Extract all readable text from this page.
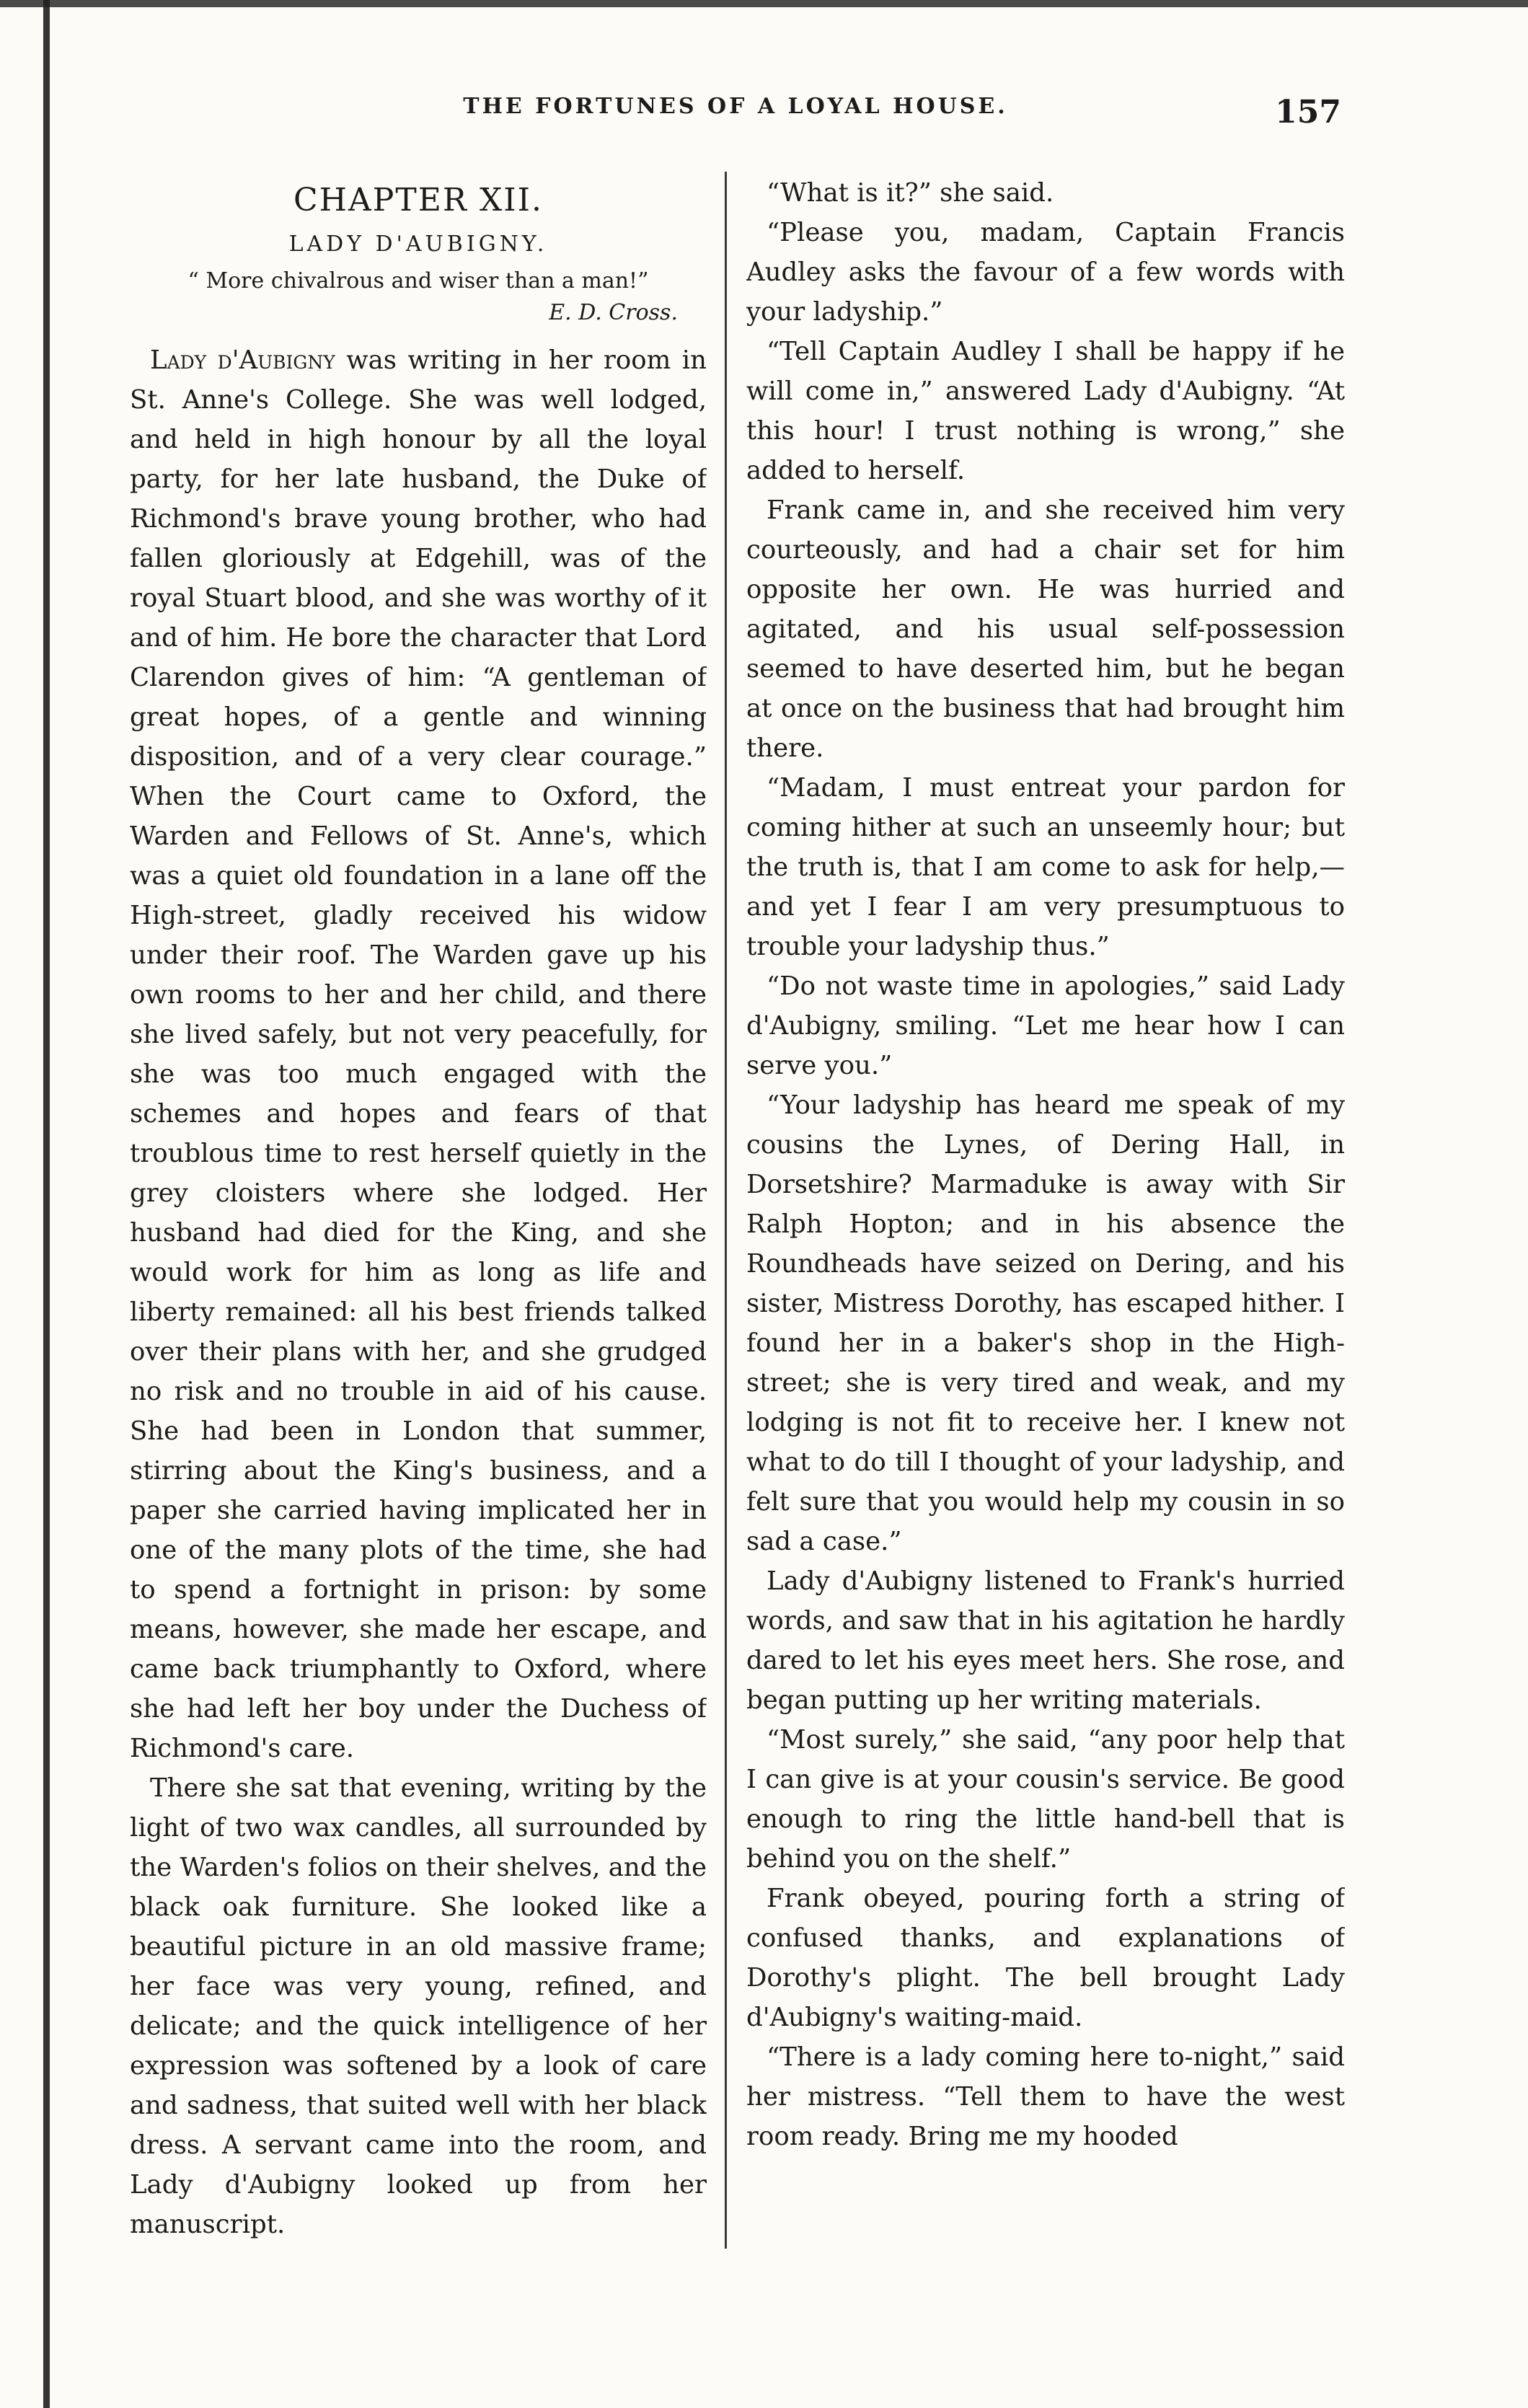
THE FORTUNES OF A LOYAL HOUSE.	157
CHAPTER XII.
LADY D'AUBIGNY.
“ More chivalrous and wiser than a man!”
E. D. Cross.

Lady d'Aubigny was writing in her room in St. Anne's College. She was well lodged, and held in high honour by all the loyal party, for her late husband, the Duke of Richmond's brave young brother, who had fallen gloriously at Edgehill, was of the royal Stuart blood, and she was worthy of it and of him. He bore the character that Lord Clarendon gives of him: “A gentleman of great hopes, of a gentle and winning disposition, and of a very clear courage.” When the Court came to Oxford, the Warden and Fellows of St. Anne's, which was a quiet old foundation in a lane off the High-street, gladly received his widow under their roof. The Warden gave up his own rooms to her and her child, and there she lived safely, but not very peacefully, for she was too much engaged with the schemes and hopes and fears of that troublous time to rest herself quietly in the grey cloisters where she lodged. Her husband had died for the King, and she would work for him as long as life and liberty remained: all his best friends talked over their plans with her, and she grudged no risk and no trouble in aid of his cause. She had been in London that summer, stirring about the King's business, and a paper she carried having implicated her in one of the many plots of the time, she had to spend a fortnight in prison: by some means, however, she made her escape, and came back triumphantly to Oxford, where she had left her boy under the Duchess of Richmond's care.

There she sat that evening, writing by the light of two wax candles, all surrounded by the Warden's folios on their shelves, and the black oak furniture. She looked like a beautiful picture in an old massive frame; her face was very young, refined, and delicate; and the quick intelligence of her expression was softened by a look of care and sadness, that suited well with her black dress. A servant came into the room, and Lady d'Aubigny looked up from her manuscript.

“What is it?” she said.

“Please you, madam, Captain Francis Audley asks the favour of a few words with your ladyship.”

“Tell Captain Audley I shall be happy if he will come in,” answered Lady d'Aubigny. “At this hour! I trust nothing is wrong,” she added to herself.

Frank came in, and she received him very courteously, and had a chair set for him opposite her own. He was hurried and agitated, and his usual self-possession seemed to have deserted him, but he began at once on the business that had brought him there.

“Madam, I must entreat your pardon for coming hither at such an unseemly hour; but the truth is, that I am come to ask for help,—and yet I fear I am very presumptuous to trouble your ladyship thus.”

“Do not waste time in apologies,” said Lady d'Aubigny, smiling. “Let me hear how I can serve you.”

“Your ladyship has heard me speak of my cousins the Lynes, of Dering Hall, in Dorsetshire? Marmaduke is away with Sir Ralph Hopton; and in his absence the Roundheads have seized on Dering, and his sister, Mistress Dorothy, has escaped hither. I found her in a baker's shop in the High-street; she is very tired and weak, and my lodging is not fit to receive her. I knew not what to do till I thought of your ladyship, and felt sure that you would help my cousin in so sad a case.”

Lady d'Aubigny listened to Frank's hurried words, and saw that in his agitation he hardly dared to let his eyes meet hers. She rose, and began putting up her writing materials.

“Most surely,” she said, “any poor help that I can give is at your cousin's service. Be good enough to ring the little hand-bell that is behind you on the shelf.”

Frank obeyed, pouring forth a string of confused thanks, and explanations of Dorothy's plight. The bell brought Lady d'Aubigny's waiting-maid.

“There is a lady coming here to-night,” said her mistress. “Tell them to have the west room ready. Bring me my hooded
